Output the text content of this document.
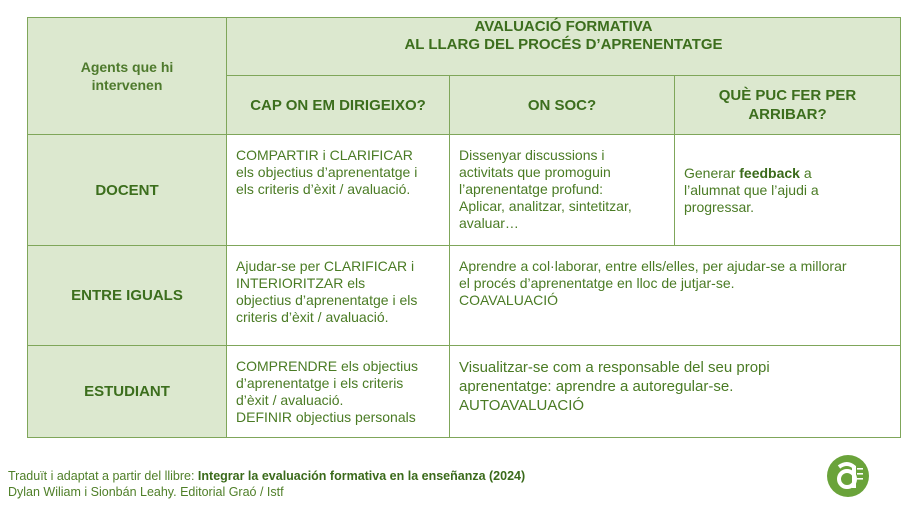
Agents que hi
intervenen	AVALUACIÓ FORMATIVA
AL LLARG DEL PROCÉS D’APRENENTATGE		

	CAP ON EM DIRIGEIXO?	ON SOC?	QUÈ PUC FER PER
ARRIBAR?

DOCENT	COMPARTIR i CLARIFICAR
els objectius d’aprenentatge i
els criteris d’èxit / avaluació.	Dissenyar discussions i
activitats que promoguin
l’aprenentatge profund:
Aplicar, analitzar, sintetitzar,
avaluar…	Generar feedback a
l’alumnat que l’ajudi a
progressar.

ENTRE IGUALS	Ajudar-se per CLARIFICAR i
INTERIORITZAR els
objectius d’aprenentatge i els
criteris d’èxit / avaluació.	Aprendre a col·laborar, entre ells/elles, per ajudar-se a millorar
el procés d’aprenentatge en lloc de jutjar-se.
COAVALUACIÓ	

ESTUDIANT	COMPRENDRE els objectius
d’aprenentatge i els criteris
d’èxit / avaluació.
DEFINIR objectius personals	Visualitzar-se com a responsable del seu propi
aprenentatge: aprendre a autoregular-se.
AUTOAVALUACIÓ	
Traduït i adaptat a partir del llibre: Integrar la evaluación formativa en la enseñanza (2024)
Dylan Wiliam i Sionbán Leahy. Editorial Graó / Istf
